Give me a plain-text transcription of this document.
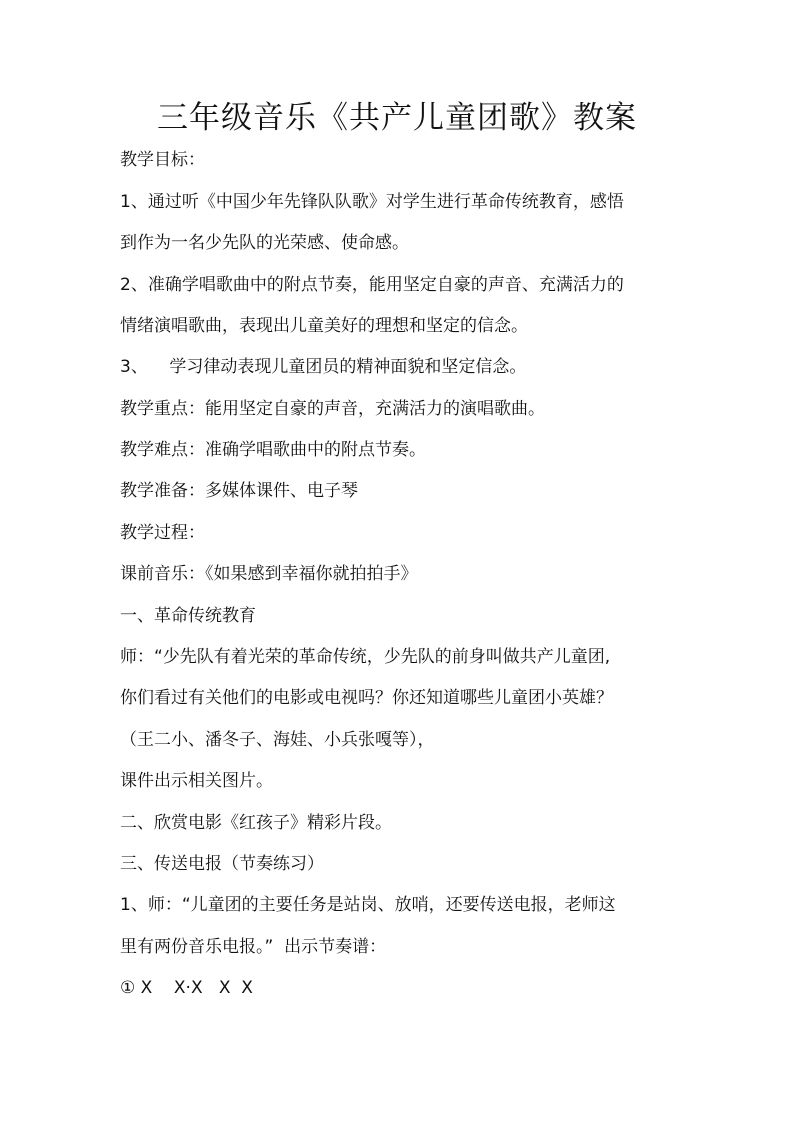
三年级音乐《共产儿童团歌》教案
教学目标：
1、通过听《中国少年先锋队队歌》对学生进行革命传统教育，感悟
到作为一名少先队的光荣感、使命感。
2、准确学唱歌曲中的附点节奏，能用坚定自豪的声音、充满活力的
情绪演唱歌曲，表现出儿童美好的理想和坚定的信念。
3、    学习律动表现儿童团员的精神面貌和坚定信念。
教学重点：能用坚定自豪的声音，充满活力的演唱歌曲。
教学难点：准确学唱歌曲中的附点节奏。
教学准备：多媒体课件、电子琴
教学过程：
课前音乐：《如果感到幸福你就拍拍手》
一、革命传统教育
师：“少先队有着光荣的革命传统，少先队的前身叫做共产儿童团,
你们看过有关他们的电影或电视吗？你还知道哪些儿童团小英雄？
（王二小、潘冬子、海娃、小兵张嘎等），
课件出示相关图片。
二、欣赏电影《红孩子》精彩片段。
三、传送电报（节奏练习）
1、师：“儿童团的主要任务是站岗、放哨，还要传送电报，老师这
里有两份音乐电报。”  出示节奏谱：
① X    X·X   X  X
